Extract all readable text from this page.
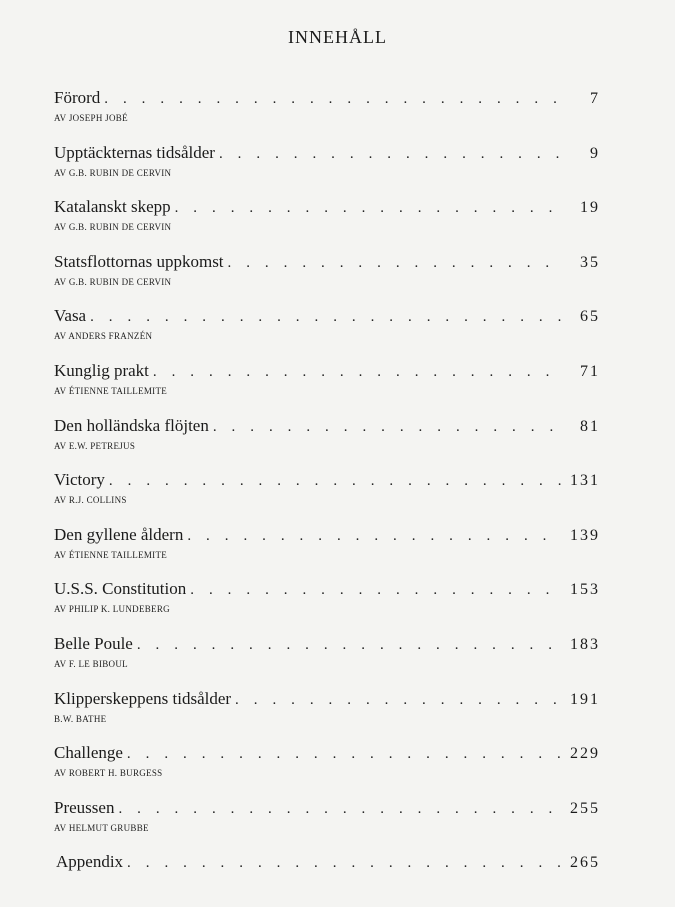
INNEHÅLL
Förord . . .	7
AV JOSEPH JOBÉ
Upptäckternas tidsålder . . .	9
AV G.B. RUBIN DE CERVIN
Katalanskt skepp . . .	19
AV G.B. RUBIN DE CERVIN
Statsflottornas uppkomst . . .	35
AV G.B. RUBIN DE CERVIN
Vasa . . .	65
AV ANDERS FRANZÉN
Kunglig prakt . . .	71
AV ÉTIENNE TAILLEMITE
Den holländska flöjten . . .	81
AV E.W. PETREJUS
Victory . . .	131
AV R.J. COLLINS
Den gyllene åldern . . .	139
AV ÉTIENNE TAILLEMITE
U.S.S. Constitution . . .	153
AV PHILIP K. LUNDEBERG
Belle Poule . . .	183
AV F. LE BIBOUL
Klipperskeppens tidsålder . . .	191
B.W. BATHE
Challenge . . .	229
AV ROBERT H. BURGESS
Preussen . . .	255
AV HELMUT GRUBBE
Appendix . . .	265
